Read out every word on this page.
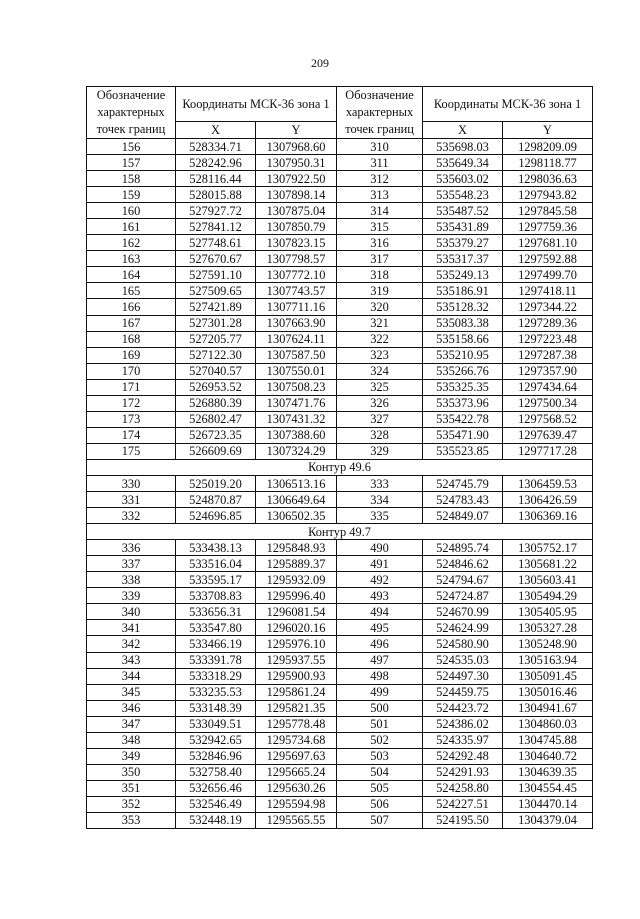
209
Обозначение характерных точек границ	Координаты МСК-36 зона 1		Обозначение характерных точек границ	Координаты МСК-36 зона 1	
	X	Y		X	Y
156	528334.71	1307968.60	310	535698.03	1298209.09
157	528242.96	1307950.31	311	535649.34	1298118.77
158	528116.44	1307922.50	312	535603.02	1298036.63
159	528015.88	1307898.14	313	535548.23	1297943.82
160	527927.72	1307875.04	314	535487.52	1297845.58
161	527841.12	1307850.79	315	535431.89	1297759.36
162	527748.61	1307823.15	316	535379.27	1297681.10
163	527670.67	1307798.57	317	535317.37	1297592.88
164	527591.10	1307772.10	318	535249.13	1297499.70
165	527509.65	1307743.57	319	535186.91	1297418.11
166	527421.89	1307711.16	320	535128.32	1297344.22
167	527301.28	1307663.90	321	535083.38	1297289.36
168	527205.77	1307624.11	322	535158.66	1297223.48
169	527122.30	1307587.50	323	535210.95	1297287.38
170	527040.57	1307550.01	324	535266.76	1297357.90
171	526953.52	1307508.23	325	535325.35	1297434.64
172	526880.39	1307471.76	326	535373.96	1297500.34
173	526802.47	1307431.32	327	535422.78	1297568.52
174	526723.35	1307388.60	328	535471.90	1297639.47
175	526609.69	1307324.29	329	535523.85	1297717.28
Контур 49.6					
330	525019.20	1306513.16	333	524745.79	1306459.53
331	524870.87	1306649.64	334	524783.43	1306426.59
332	524696.85	1306502.35	335	524849.07	1306369.16
Контур 49.7					
336	533438.13	1295848.93	490	524895.74	1305752.17
337	533516.04	1295889.37	491	524846.62	1305681.22
338	533595.17	1295932.09	492	524794.67	1305603.41
339	533708.83	1295996.40	493	524724.87	1305494.29
340	533656.31	1296081.54	494	524670.99	1305405.95
341	533547.80	1296020.16	495	524624.99	1305327.28
342	533466.19	1295976.10	496	524580.90	1305248.90
343	533391.78	1295937.55	497	524535.03	1305163.94
344	533318.29	1295900.93	498	524497.30	1305091.45
345	533235.53	1295861.24	499	524459.75	1305016.46
346	533148.39	1295821.35	500	524423.72	1304941.67
347	533049.51	1295778.48	501	524386.02	1304860.03
348	532942.65	1295734.68	502	524335.97	1304745.88
349	532846.96	1295697.63	503	524292.48	1304640.72
350	532758.40	1295665.24	504	524291.93	1304639.35
351	532656.46	1295630.26	505	524258.80	1304554.45
352	532546.49	1295594.98	506	524227.51	1304470.14
353	532448.19	1295565.55	507	524195.50	1304379.04
